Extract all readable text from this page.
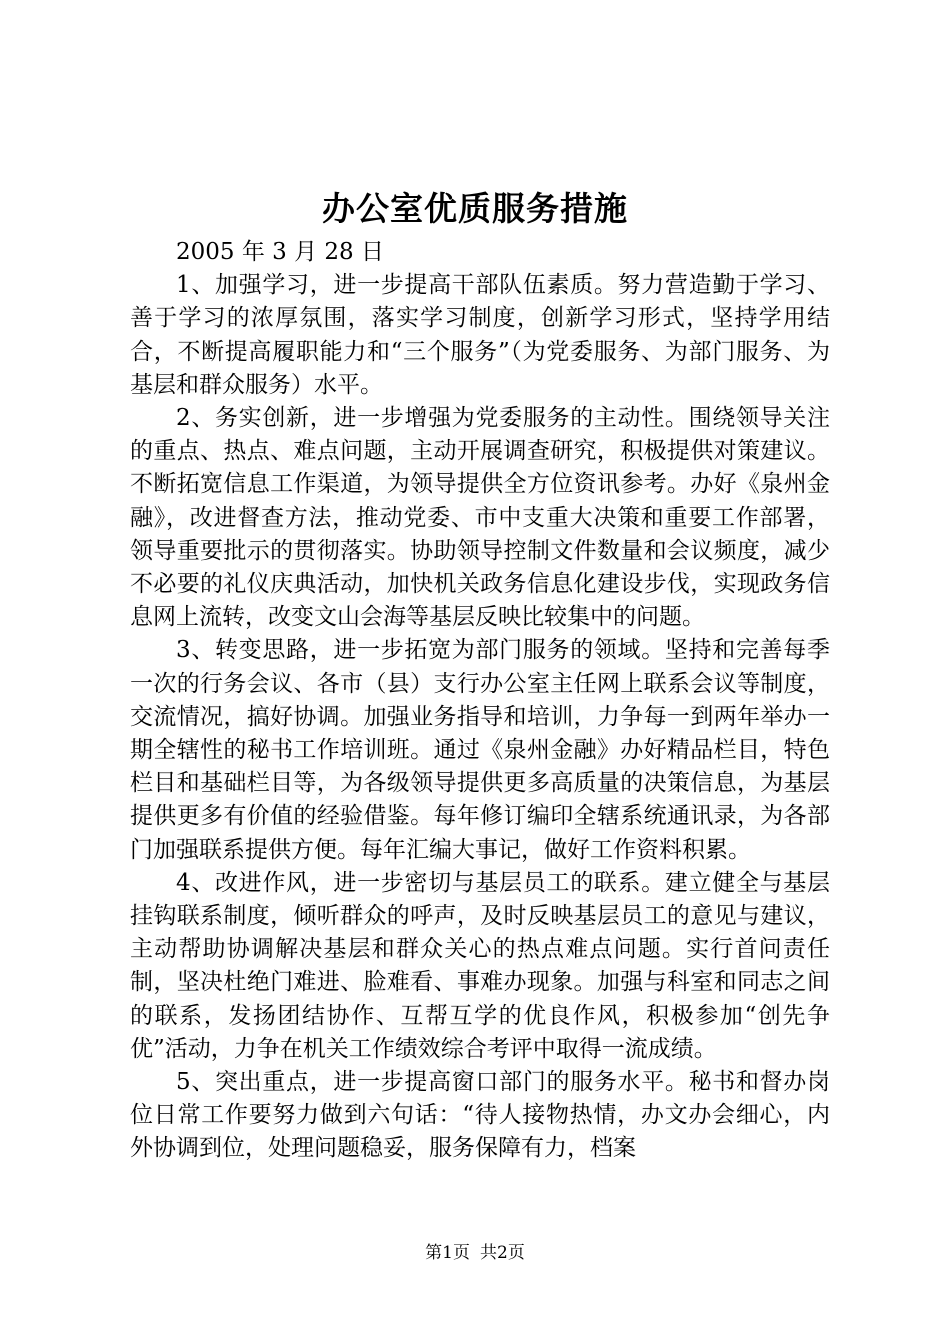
办公室优质服务措施

2005 年 3 月 28 日

1、加强学习，进一步提高干部队伍素质。努力营造勤于学习、善于学习的浓厚氛围，落实学习制度，创新学习形式，坚持学用结合，不断提高履职能力和“三个服务”（为党委服务、为部门服务、为基层和群众服务）水平。

2、务实创新，进一步增强为党委服务的主动性。围绕领导关注的重点、热点、难点问题，主动开展调查研究，积极提供对策建议。不断拓宽信息工作渠道，为领导提供全方位资讯参考。办好《泉州金融》，改进督查方法，推动党委、市中支重大决策和重要工作部署，领导重要批示的贯彻落实。协助领导控制文件数量和会议频度，减少不必要的礼仪庆典活动，加快机关政务信息化建设步伐，实现政务信息网上流转，改变文山会海等基层反映比较集中的问题。

3、转变思路，进一步拓宽为部门服务的领域。坚持和完善每季一次的行务会议、各市（县）支行办公室主任网上联系会议等制度，交流情况，搞好协调。加强业务指导和培训，力争每一到两年举办一期全辖性的秘书工作培训班。通过《泉州金融》办好精品栏目，特色栏目和基础栏目等，为各级领导提供更多高质量的决策信息，为基层提供更多有价值的经验借鉴。每年修订编印全辖系统通讯录，为各部门加强联系提供方便。每年汇编大事记，做好工作资料积累。

4、改进作风，进一步密切与基层员工的联系。建立健全与基层挂钩联系制度，倾听群众的呼声，及时反映基层员工的意见与建议，主动帮助协调解决基层和群众关心的热点难点问题。实行首问责任制，坚决杜绝门难进、脸难看、事难办现象。加强与科室和同志之间的联系，发扬团结协作、互帮互学的优良作风，积极参加“创先争优”活动，力争在机关工作绩效综合考评中取得一流成绩。

5、突出重点，进一步提高窗口部门的服务水平。秘书和督办岗位日常工作要努力做到六句话：“待人接物热情，办文办会细心，内外协调到位，处理问题稳妥，服务保障有力，档案

第1页 共2页
